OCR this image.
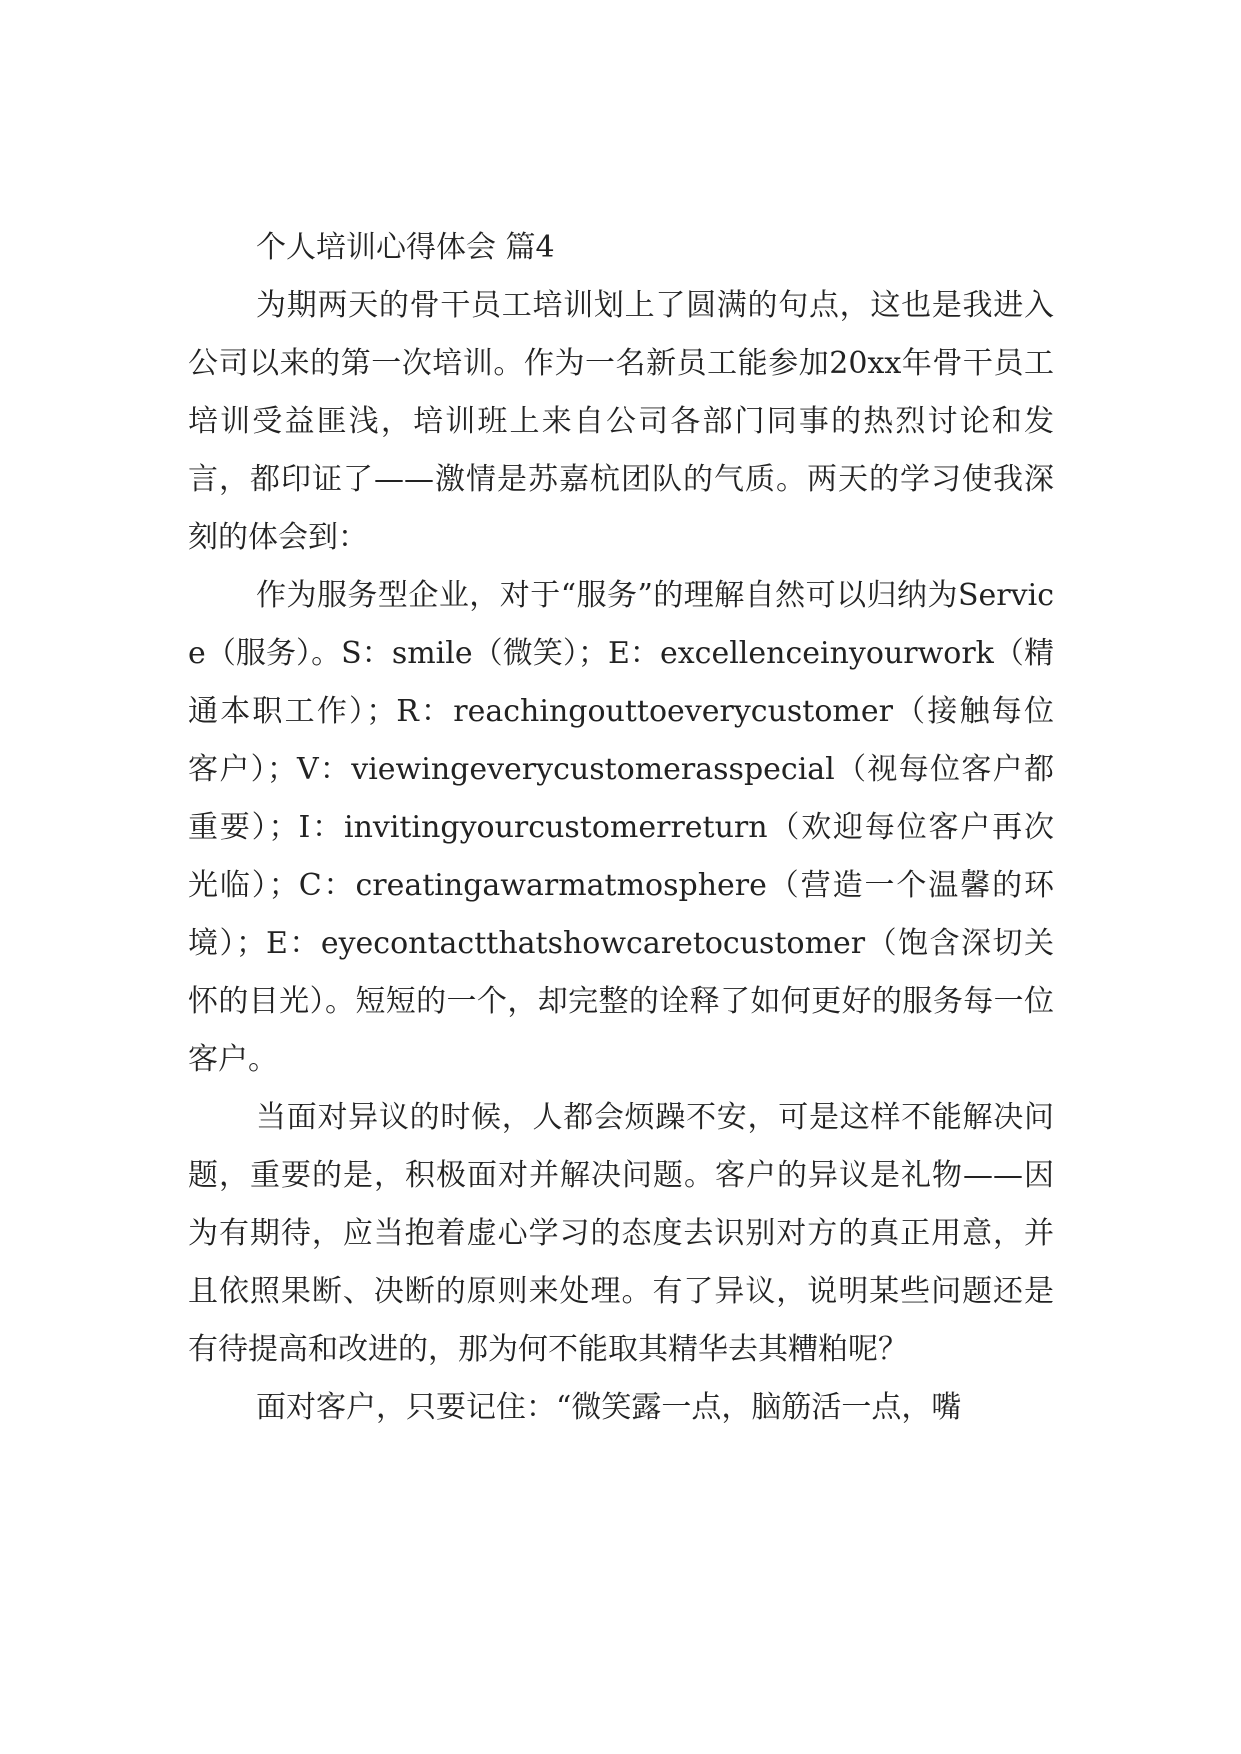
个人培训心得体会 篇4

为期两天的骨干员工培训划上了圆满的句点，这也是我进入公司以来的第一次培训。作为一名新员工能参加20xx年骨干员工培训受益匪浅，培训班上来自公司各部门同事的热烈讨论和发言，都印证了——激情是苏嘉杭团队的气质。两天的学习使我深刻的体会到：

作为服务型企业，对于“服务”的理解自然可以归纳为Service（服务）。S：smile（微笑）；E：excellenceinyourwork（精通本职工作）；R：reachingouttoeverycustomer（接触每位客户）；V：viewingeverycustomerasspecial（视每位客户都重要）；I：invitingyourcustomerreturn（欢迎每位客户再次光临）；C：creatingawarmatmosphere（营造一个温馨的环境）；E：eyecontactthatshowcaretocustomer（饱含深切关怀的目光）。短短的一个，却完整的诠释了如何更好的服务每一位客户。

当面对异议的时候，人都会烦躁不安，可是这样不能解决问题，重要的是，积极面对并解决问题。客户的异议是礼物——因为有期待，应当抱着虚心学习的态度去识别对方的真正用意，并且依照果断、决断的原则来处理。有了异议，说明某些问题还是有待提高和改进的，那为何不能取其精华去其糟粕呢？

面对客户，只要记住：“微笑露一点，脑筋活一点，嘴
